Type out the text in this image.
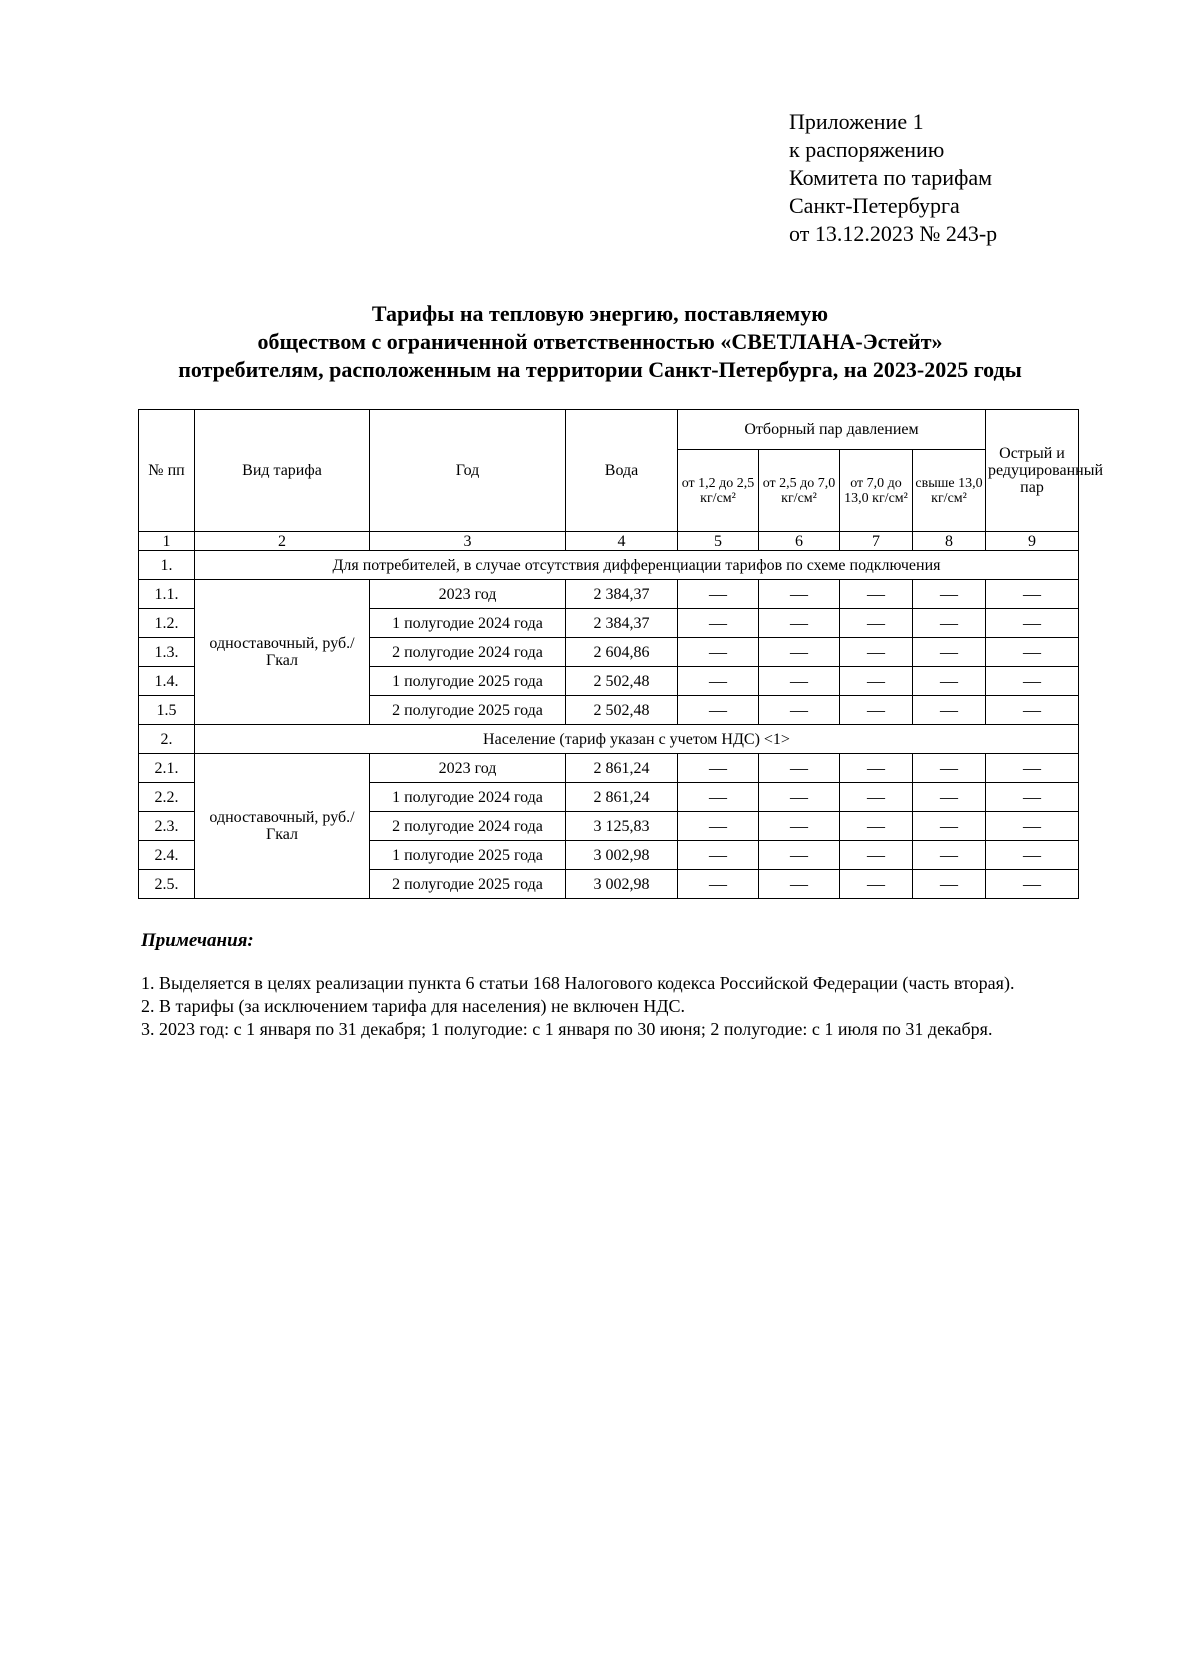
Приложение 1
к распоряжению
Комитета по тарифам
Санкт-Петербурга
от 13.12.2023 № 243-р
Тарифы на тепловую энергию, поставляемую
обществом с ограниченной ответственностью «СВЕТЛАНА-Эстейт»
потребителям, расположенным на территории Санкт-Петербурга, на 2023-2025 годы
№ пп	Вид тарифа	Год	Вода	Отборный пар давлением				Острый и редуцированный пар
				от 1,2 до 2,5 кг/см²	от 2,5 до 7,0 кг/см²	от 7,0 до 13,0 кг/см²	свыше 13,0 кг/см²	
1	2	3	4	5	6	7	8	9
1.	Для потребителей, в случае отсутствия дифференциации тарифов по схеме подключения							
1.1.	одноставочный, руб./Гкал	2023 год	2 384,37	—	—	—	—	—
1.2.		1 полугодие 2024 года	2 384,37	—	—	—	—	—
1.3.		2 полугодие 2024 года	2 604,86	—	—	—	—	—
1.4.		1 полугодие 2025 года	2 502,48	—	—	—	—	—
1.5		2 полугодие 2025 года	2 502,48	—	—	—	—	—
2.	Население (тариф указан с учетом НДС) <1>							
2.1.	одноставочный, руб./Гкал	2023 год	2 861,24	—	—	—	—	—
2.2.		1 полугодие 2024 года	2 861,24	—	—	—	—	—
2.3.		2 полугодие 2024 года	3 125,83	—	—	—	—	—
2.4.		1 полугодие 2025 года	3 002,98	—	—	—	—	—
2.5.		2 полугодие 2025 года	3 002,98	—	—	—	—	—
Примечания:

1. Выделяется в целях реализации пункта 6 статьи 168 Налогового кодекса Российской Федерации (часть вторая).

2. В тарифы (за исключением тарифа для населения) не включен НДС.

3. 2023 год: с 1 января по 31 декабря; 1 полугодие: с 1 января по 30 июня; 2 полугодие: с 1 июля по 31 декабря.
